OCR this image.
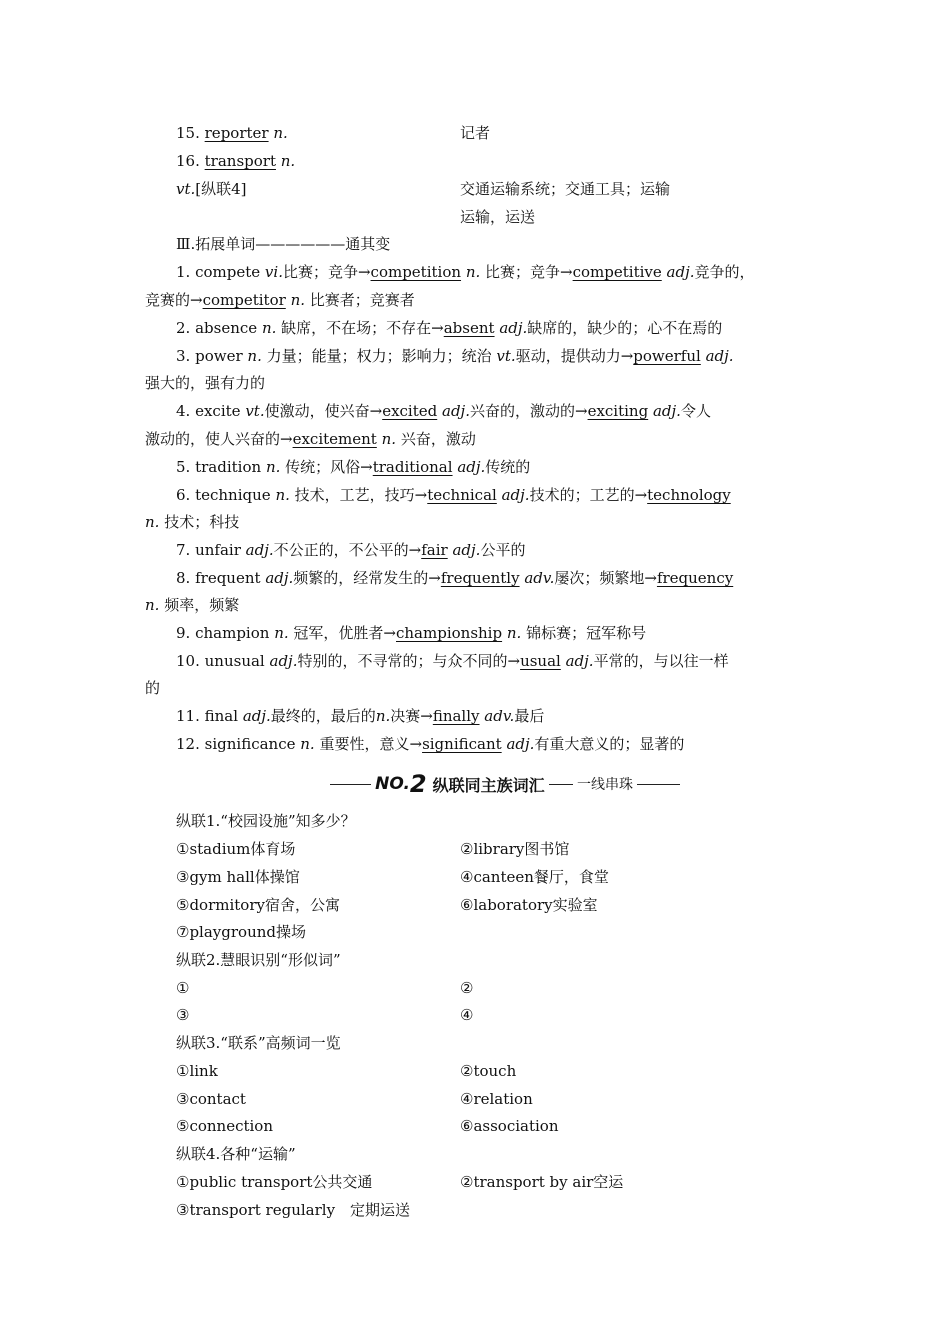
15. reporter n.	记者
16. transport n.
vt.[纵联4]	交通运输系统；交通工具；运输
运输，运送
Ⅲ.拓展单词——————通其变
1. compete vi.比赛；竞争→competition n. 比赛；竞争→competitive adj.竞争的，
竞赛的→competitor n. 比赛者；竞赛者
2. absence n. 缺席，不在场；不存在→absent adj.缺席的，缺少的；心不在焉的
3. power n. 力量；能量；权力；影响力；统治 vt.驱动，提供动力→powerful adj.
强大的，强有力的
4. excite vt.使激动，使兴奋→excited adj.兴奋的，激动的→exciting adj.令人
激动的，使人兴奋的→excitement n. 兴奋，激动
5. tradition n. 传统；风俗→traditional adj.传统的
6. technique n. 技术，工艺，技巧→technical adj.技术的；工艺的→technology
n. 技术；科技
7. unfair adj.不公正的，不公平的→fair adj.公平的
8. frequent adj.频繁的，经常发生的→frequently adv.屡次；频繁地→frequency
n. 频率，频繁
9. champion n. 冠军，优胜者→championship n. 锦标赛；冠军称号
10. unusual adj.特别的，不寻常的；与众不同的→usual adj.平常的，与以往一样
的
11. final adj.最终的，最后的n.决赛→finally adv.最后
12. significance n. 重要性，意义→significant adj.有重大意义的；显著的
NO. 2 纵联同主族词汇 一线串珠
纵联1.“校园设施”知多少？
①stadium体育场	②library图书馆
③gym hall体操馆	④canteen餐厅，食堂
⑤dormitory宿舍，公寓	⑥laboratory实验室
⑦playground操场
纵联2.慧眼识别“形似词”
①	②
③	④
纵联3.“联系”高频词一览
①link	②touch
③contact	④relation
⑤connection	⑥association
纵联4.各种“运输”
①public transport公共交通	②transport by air空运
③transport regularly　定期运送
